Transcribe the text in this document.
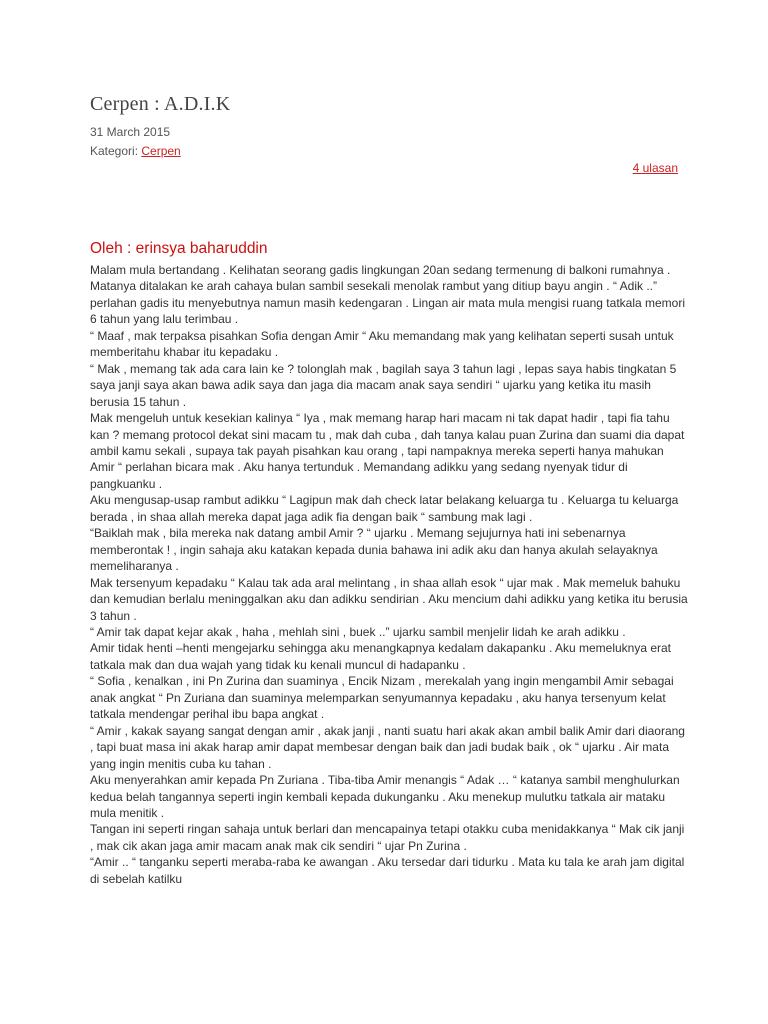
Cerpen : A.D.I.K
31 March 2015
Kategori: Cerpen
4 ulasan
Oleh : erinsya baharuddin

Malam mula bertandang . Kelihatan seorang gadis lingkungan 20an sedang termenung di balkoni rumahnya . Matanya ditalakan ke arah cahaya bulan sambil sesekali menolak rambut yang ditiup bayu angin . “ Adik ..” perlahan gadis itu menyebutnya namun masih kedengaran . Lingan air mata mula mengisi ruang tatkala memori 6 tahun yang lalu terimbau .

“ Maaf , mak terpaksa pisahkan Sofia dengan Amir “ Aku memandang mak yang kelihatan seperti susah untuk memberitahu khabar itu kepadaku .

“ Mak , memang tak ada cara lain ke ? tolonglah mak , bagilah saya 3 tahun lagi , lepas saya habis tingkatan 5 saya janji saya akan bawa adik saya dan jaga dia macam anak saya sendiri “ ujarku yang ketika itu masih berusia 15 tahun .

Mak mengeluh untuk kesekian kalinya “ Iya , mak memang harap hari macam ni tak dapat hadir , tapi fia tahu kan ? memang protocol dekat sini macam tu , mak dah cuba , dah tanya kalau puan Zurina dan suami dia dapat ambil kamu sekali , supaya tak payah pisahkan kau orang , tapi nampaknya mereka seperti hanya mahukan Amir “ perlahan bicara mak . Aku hanya tertunduk . Memandang adikku yang sedang nyenyak tidur di pangkuanku .

Aku mengusap-usap rambut adikku “ Lagipun mak dah check latar belakang keluarga tu . Keluarga tu keluarga berada , in shaa allah mereka dapat jaga adik fia dengan baik “ sambung mak lagi .

“Baiklah mak , bila mereka nak datang ambil Amir ? “ ujarku . Memang sejujurnya hati ini sebenarnya memberontak ! , ingin sahaja aku katakan kepada dunia bahawa ini adik aku dan hanya akulah selayaknya memeliharanya .

Mak tersenyum kepadaku “ Kalau tak ada aral melintang , in shaa allah esok “ ujar mak . Mak memeluk bahuku dan kemudian berlalu meninggalkan aku dan adikku sendirian . Aku mencium dahi adikku yang ketika itu berusia 3 tahun .

“ Amir tak dapat kejar akak , haha , mehlah sini , buek ..” ujarku sambil menjelir lidah ke arah adikku .

Amir tidak henti –henti mengejarku sehingga aku menangkapnya kedalam dakapanku . Aku memeluknya erat tatkala mak dan dua wajah yang tidak ku kenali muncul di hadapanku .

“ Sofia , kenalkan , ini Pn Zurina dan suaminya , Encik Nizam , merekalah yang ingin mengambil Amir sebagai anak angkat “ Pn Zuriana dan suaminya melemparkan senyumannya kepadaku , aku hanya tersenyum kelat tatkala mendengar perihal ibu bapa angkat .

“ Amir , kakak sayang sangat dengan amir , akak janji , nanti suatu hari akak akan ambil balik Amir dari diaorang , tapi buat masa ini akak harap amir dapat membesar dengan baik dan jadi budak baik , ok “ ujarku . Air mata yang ingin menitis cuba ku tahan .

Aku menyerahkan amir kepada Pn Zuriana . Tiba-tiba Amir menangis “ Adak … “ katanya sambil menghulurkan kedua belah tangannya seperti ingin kembali kepada dukunganku . Aku menekup mulutku tatkala air mataku mula menitik .

Tangan ini seperti ringan sahaja untuk berlari dan mencapainya tetapi otakku cuba menidakkanya “ Mak cik janji , mak cik akan jaga amir macam anak mak cik sendiri “ ujar Pn Zurina .

“Amir .. “ tanganku seperti meraba-raba ke awangan . Aku tersedar dari tidurku . Mata ku tala ke arah jam digital di sebelah katilku
